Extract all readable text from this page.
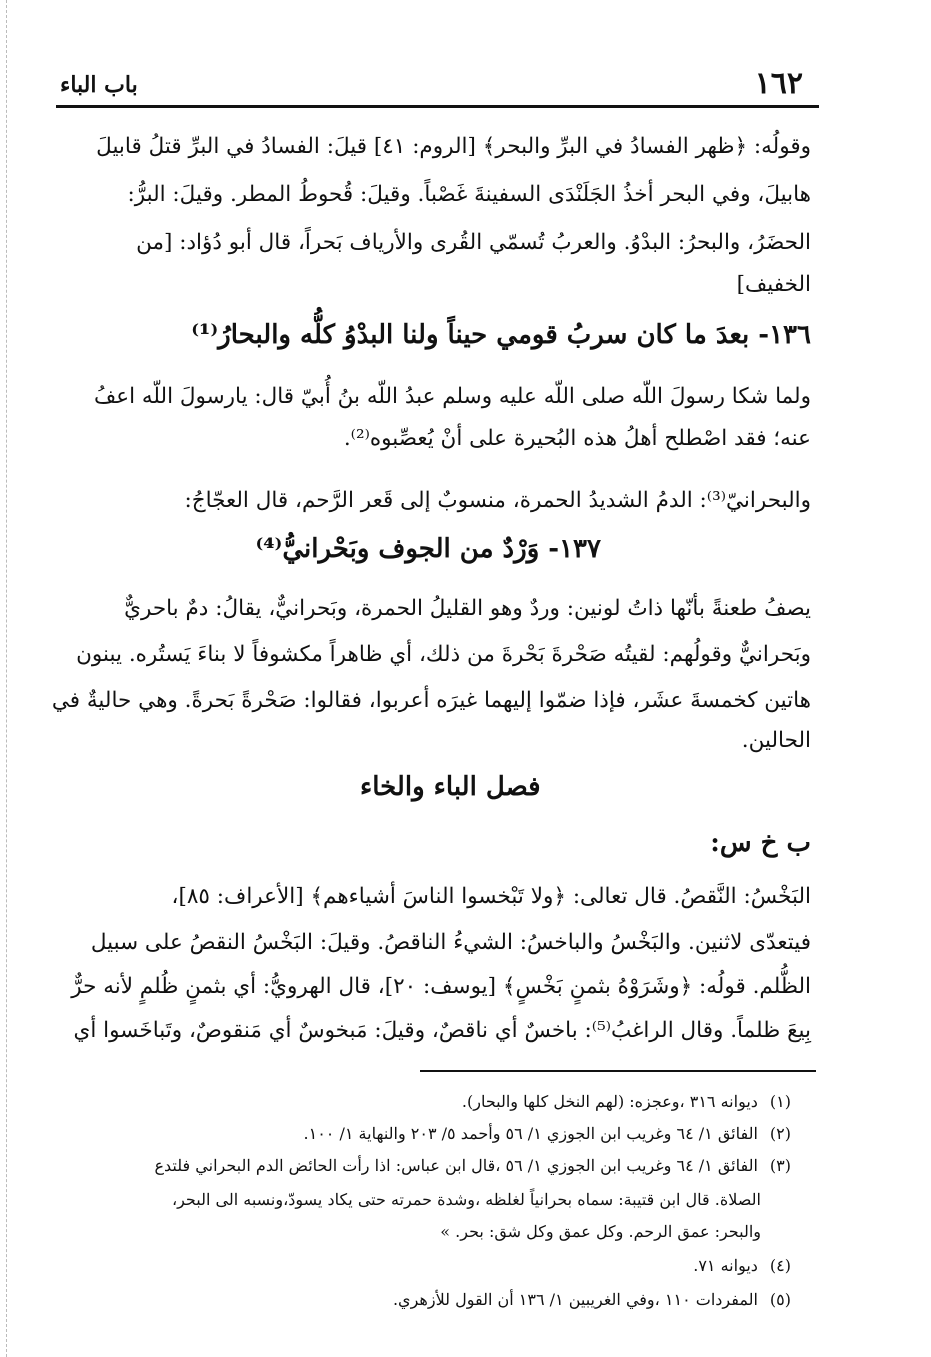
١٦٢
باب الباء
وقولُه: ﴿ظهر الفسادُ في البرِّ والبحر﴾ [الروم: ٤١] قيلَ: الفسادُ في البرِّ قتلُ قابيلَ
هابيلَ، وفي البحر أخذُ الجَلَنْدَى السفينةَ غَصْباً. وقيلَ: قُحوطُ المطر. وقيلَ: البرُّ:
الحضَرُ، والبحرُ: البدْوُ. والعربُ تُسمّي القُرى والأرياف بَحراً، قال أبو دُؤاد: [من
الخفيف]
١٣٦- بعدَ ما كان سربُ قومي حيناً ولنا البدْوُ كلُّه والبحارُ⁽¹⁾
ولما شكا رسولَ اللّه صلى اللّه عليه وسلم عبدُ اللّه بنُ أُبيّ قال: يارسولَ اللّه اعفُ
عنه؛ فقد اصْطلح أهلُ هذه البُحيرة على أنْ يُعصِّبوه⁽²⁾.
والبحرانيّ⁽³⁾: الدمُ الشديدُ الحمرة، منسوبٌ إلى قَعر الرَّحم، قال العجّاجُ:
١٣٧- وَرْدٌ من الجوف وبَحْرانيُّ⁽⁴⁾
يصفُ طعنةً بأنّها ذاتُ لونين: وردٌ وهو القليلُ الحمرة، وبَحرانيٌّ، يقالُ: دمٌ باحريٌّ
وبَحرانيٌّ وقولُهم: لقيتُه صَحْرةَ بَحْرةَ من ذلك، أي ظاهراً مكشوفاً لا بناءَ يَستُره. يبنون
هاتين كخمسةَ عشَر، فإذا ضمّوا إليهما غيرَه أعربوا، فقالوا: صَحْرةً بَحرةً. وهي حاليةٌ في
الحالين.
فصل الباء والخاء
ب خ س:
البَخْسُ: النَّقصُ. قال تعالى: ﴿ولا تَبْخسوا الناسَ أشياءهم﴾ [الأعراف: ٨٥]،
فيتعدّى لاثنين. والبَخْسُ والباخسُ: الشيءُ الناقصُ. وقيلَ: البَخْسُ النقصُ على سبيل
الظُّلم. قولُه: ﴿وشَرَوْهُ بثمنٍ بَخْسٍ﴾ [يوسف: ٢٠]، قال الهرويُّ: أي بثمنٍ ظُلمٍ لأنه حرٌّ
بِيعَ ظلماً. وقال الراغبُ⁽⁵⁾: باخسٌ أي ناقصٌ، وقيلَ: مَبخوسٌ أي مَنقوصٌ، وتَباخَسوا أي
(١)ديوانه ٣١٦ ،وعجزه: (لهم النخل كلها والبحار).
(٢)الفائق ١/ ٦٤ وغريب ابن الجوزي ١/ ٥٦ وأحمد ٥/ ٢٠٣ والنهاية ١/ ١٠٠.
(٣)الفائق ١/ ٦٤ وغريب ابن الجوزي ١/ ٥٦ ،قال ابن عباس: اذا رأت الحائض الدم البحراني فلتدع
الصلاة. قال ابن قتيبة: سماه بحرانياً لغلظه ،وشدة حمرته حتى يكاد يسودّ،ونسبه الى البحر،
والبحر: عمق الرحم. وكل عمق وكل شق: بحر. »
(٤)ديوانه ٧١.
(٥)المفردات ١١٠ ،وفي الغريبين ١/ ١٣٦ أن القول للأزهري.
